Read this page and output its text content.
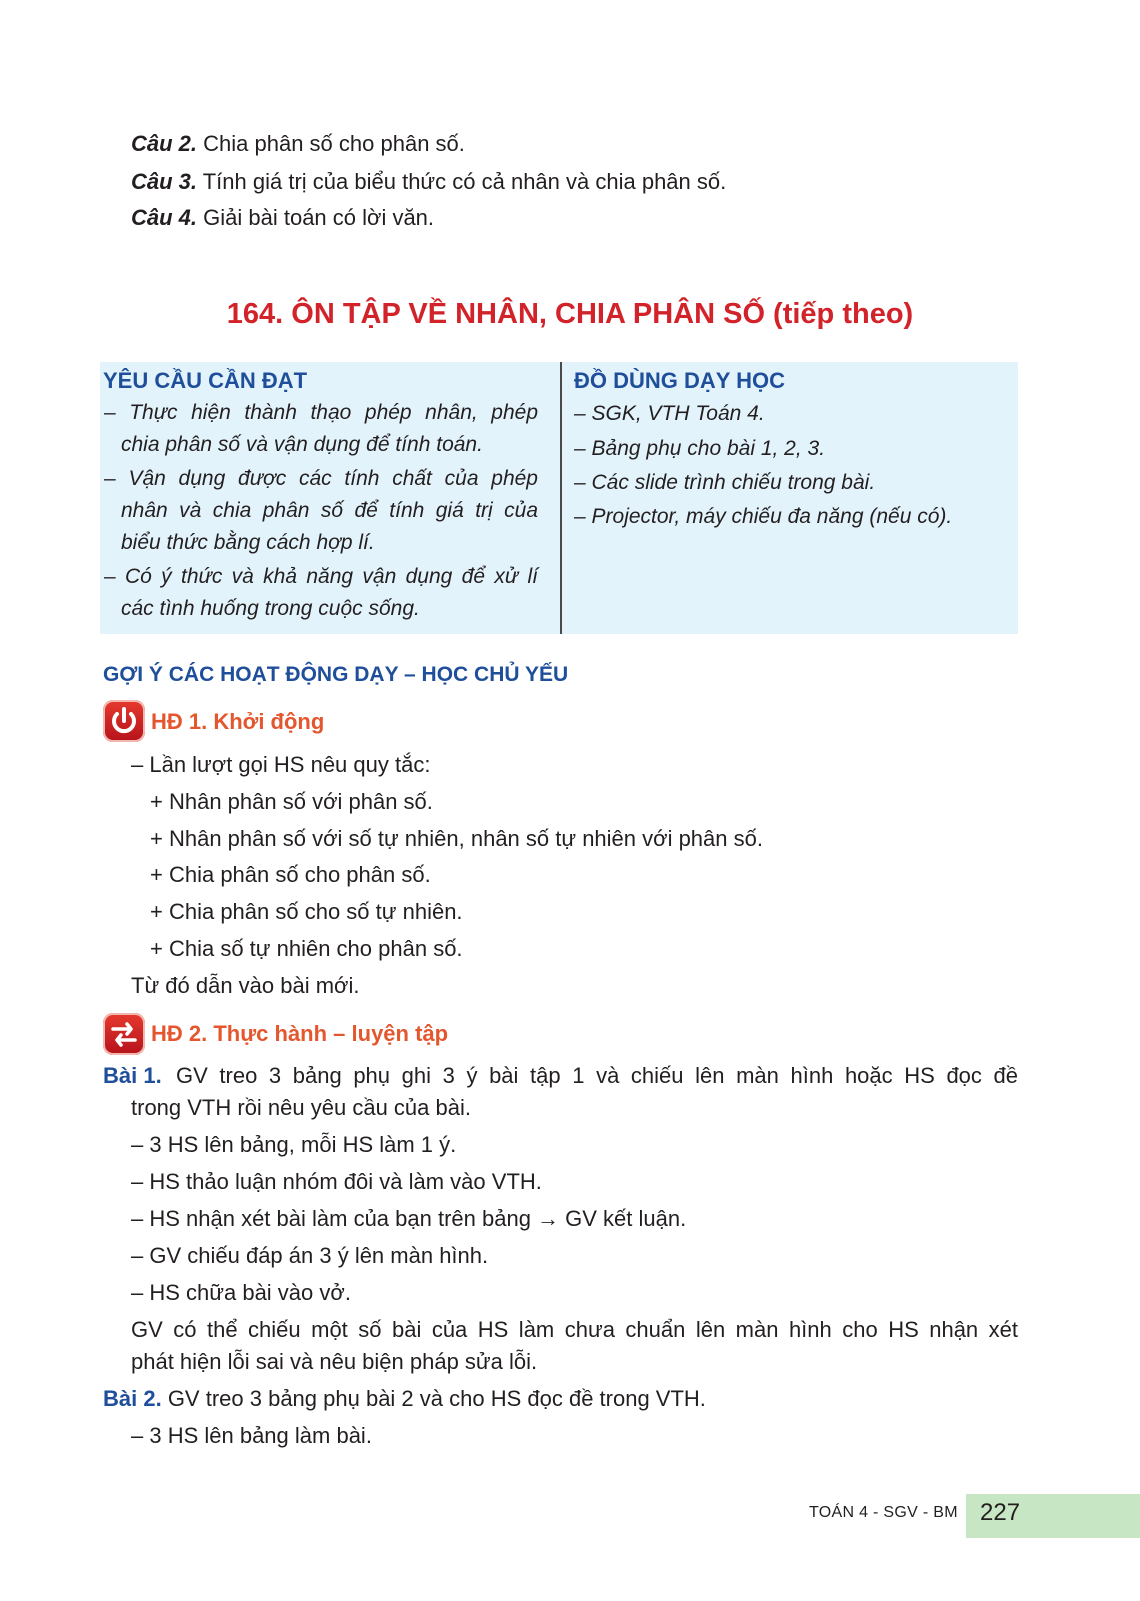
Câu 2. Chia phân số cho phân số.
Câu 3. Tính giá trị của biểu thức có cả nhân và chia phân số.
Câu 4. Giải bài toán có lời văn.
164. ÔN TẬP VỀ NHÂN, CHIA PHÂN SỐ (tiếp theo)
YÊU CẦU CẦN ĐẠT
– Thực hiện thành thạo phép nhân, phép
chia phân số và vận dụng để tính toán.
– Vận dụng được các tính chất của phép
nhân và chia phân số để tính giá trị của
biểu thức bằng cách hợp lí.
– Có ý thức và khả năng vận dụng để xử lí
các tình huống trong cuộc sống.
ĐỒ DÙNG DẠY HỌC
– SGK, VTH Toán 4.
– Bảng phụ cho bài 1, 2, 3.
– Các slide trình chiếu trong bài.
– Projector, máy chiếu đa năng (nếu có).
GỢI Ý CÁC HOẠT ĐỘNG DẠY – HỌC CHỦ YẾU
HĐ 1. Khởi động
– Lần lượt gọi HS nêu quy tắc:
+ Nhân phân số với phân số.
+ Nhân phân số với số tự nhiên, nhân số tự nhiên với phân số.
+ Chia phân số cho phân số.
+ Chia phân số cho số tự nhiên.
+ Chia số tự nhiên cho phân số.
Từ đó dẫn vào bài mới.
HĐ 2. Thực hành – luyện tập
Bài 1. GV treo 3 bảng phụ ghi 3 ý bài tập 1 và chiếu lên màn hình hoặc HS đọc đề
trong VTH rồi nêu yêu cầu của bài.
– 3 HS lên bảng, mỗi HS làm 1 ý.
– HS thảo luận nhóm đôi và làm vào VTH.
– HS nhận xét bài làm của bạn trên bảng → GV kết luận.
– GV chiếu đáp án 3 ý lên màn hình.
– HS chữa bài vào vở.
GV có thể chiếu một số bài của HS làm chưa chuẩn lên màn hình cho HS nhận xét
phát hiện lỗi sai và nêu biện pháp sửa lỗi.
Bài 2. GV treo 3 bảng phụ bài 2 và cho HS đọc đề trong VTH.
– 3 HS lên bảng làm bài.
TOÁN 4 - SGV - BM 227
